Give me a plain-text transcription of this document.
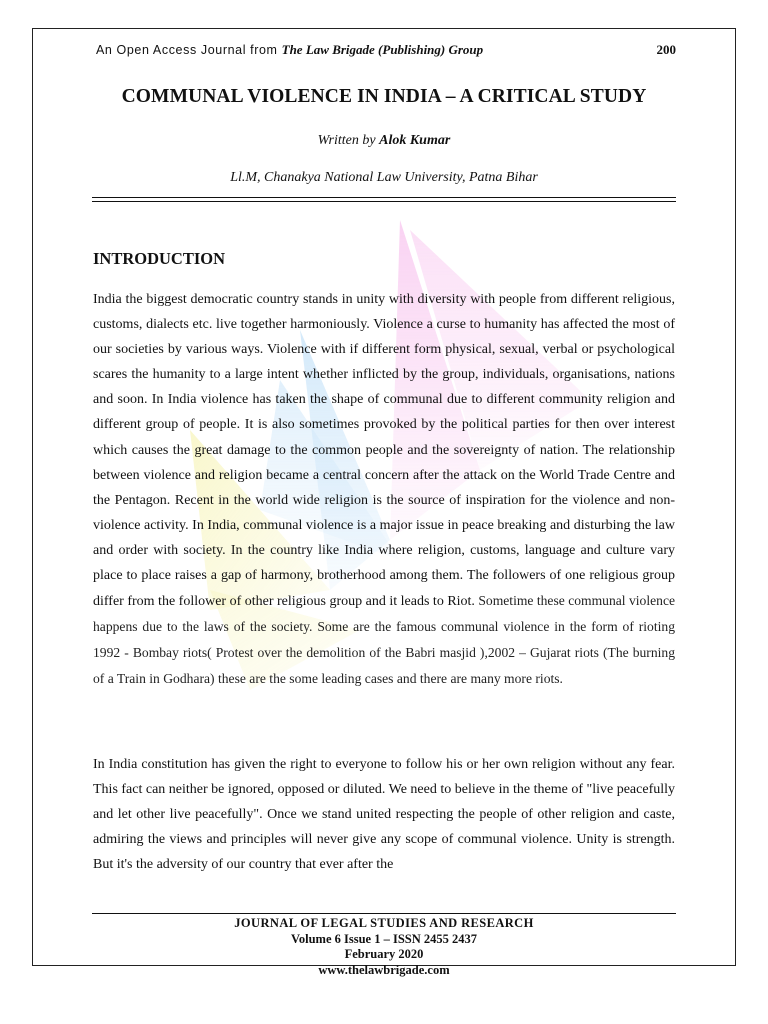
An Open Access Journal from The Law Brigade (Publishing) Group	200
COMMUNAL VIOLENCE IN INDIA – A CRITICAL STUDY
Written by Alok Kumar
Ll.M, Chanakya National Law University, Patna Bihar
INTRODUCTION
India the biggest democratic country stands in unity with diversity with people from different religious, customs, dialects etc. live together harmoniously. Violence a curse to humanity has affected the most of our societies by various ways. Violence with if different form physical, sexual, verbal or psychological scares the humanity to a large intent whether inflicted by the group, individuals, organisations, nations and soon. In India violence has taken the shape of communal due to different community religion and different group of people. It is also sometimes provoked by the political parties for then over interest which causes the great damage to the common people and the sovereignty of nation. The relationship between violence and religion became a central concern after the attack on the World Trade Centre and the Pentagon. Recent in the world wide religion is the source of inspiration for the violence and non- violence activity. In India, communal violence is a major issue in peace breaking and disturbing the law and order with society. In the country like India where religion, customs, language and culture vary place to place raises a gap of harmony, brotherhood among them. The followers of one religious group differ from the follower of other religious group and it leads to Riot. Sometime these communal violence happens due to the laws of the society. Some are the famous communal violence in the form of rioting 1992 - Bombay riots( Protest over the demolition of the Babri masjid ),2002 – Gujarat riots (The burning of a Train in Godhara) these are the some leading cases and there are many more riots.
In India constitution has given the right to everyone to follow his or her own religion without any fear. This fact can neither be ignored, opposed or diluted. We need to believe in the theme of "live peacefully and let other live peacefully". Once we stand united respecting the people of other religion and caste, admiring the views and principles will never give any scope of communal violence. Unity is strength. But it's the adversity of our country that ever after the
JOURNAL OF LEGAL STUDIES AND RESEARCH
Volume 6 Issue 1 – ISSN 2455 2437
February 2020
www.thelawbrigade.com
